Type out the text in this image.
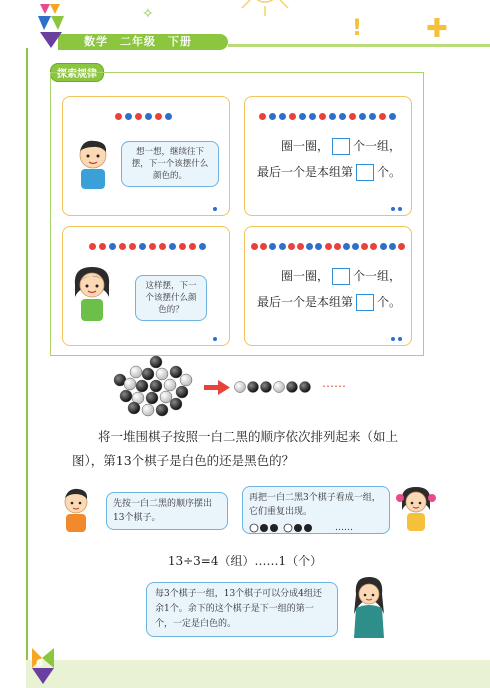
✧
! ✚
数学　二年级　下册
探索规律
想一想，继续往下摆，下一个该摆什么颜色的。
圈一圈， 个一组，最后一个是本组第 个。
这样摆，下一个该摆什么颜色的？
圈一圈， 个一组，最后一个是本组第 个。
……
将一堆围棋子按照一白二黑的顺序依次排列起来（如上图），第13个棋子是白色的还是黑色的？
先按一白二黑的顺序摆出13个棋子。
再把一白二黑3个棋子看成一组，它们重复出现。
……
13÷3=4（组）……1（个）
每3个棋子一组，13个棋子可以分成4组还余1个。余下的这个棋子是下一组的第一个，一定是白色的。
6
